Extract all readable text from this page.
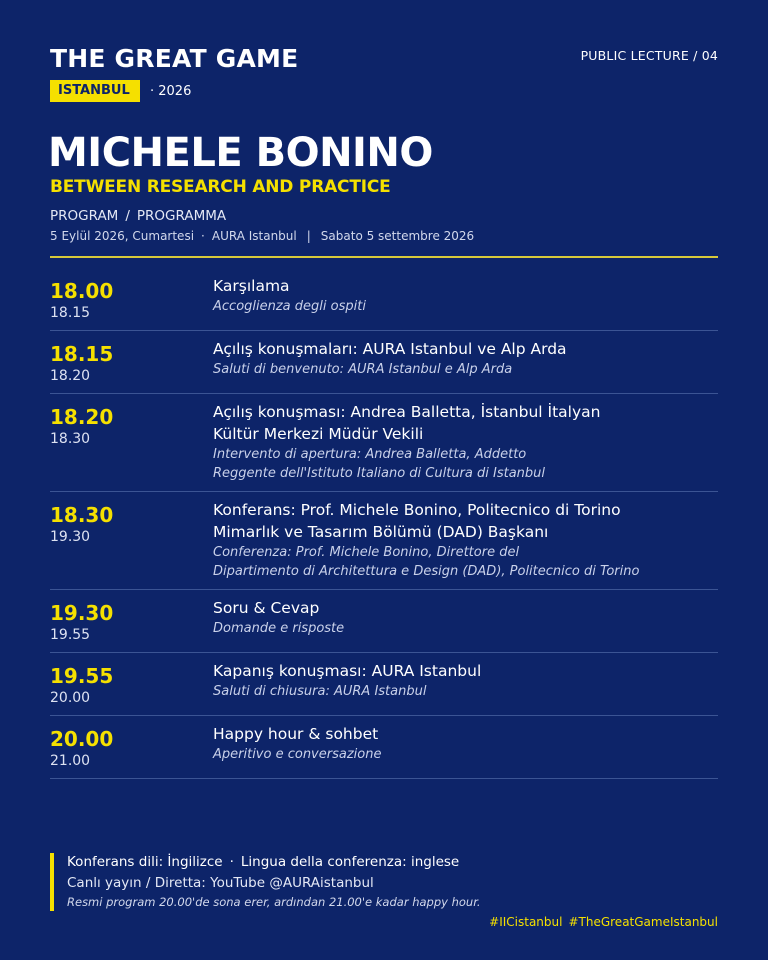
THE GREAT GAME
ISTANBUL	· 2026
PUBLIC LECTURE / 04
MICHELE BONINO
BETWEEN RESEARCH AND PRACTICE
PROGRAM / PROGRAMMA
5 Eylül 2026, Cumartesi · AURA Istanbul | Sabato 5 settembre 2026
18.00
18.15
Karşılama
Accoglienza degli ospiti
18.15
18.20
Açılış konuşmaları: AURA Istanbul ve Alp Arda
Saluti di benvenuto: AURA Istanbul e Alp Arda
18.20
18.30
Açılış konuşması: Andrea Balletta, İstanbul İtalyan
Kültür Merkezi Müdür Vekili
Intervento di apertura: Andrea Balletta, Addetto
Reggente dell'Istituto Italiano di Cultura di Istanbul
18.30
19.30
Konferans: Prof. Michele Bonino, Politecnico di Torino
Mimarlık ve Tasarım Bölümü (DAD) Başkanı
Conferenza: Prof. Michele Bonino, Direttore del
Dipartimento di Architettura e Design (DAD), Politecnico di Torino
19.30
19.55
Soru & Cevap
Domande e risposte
19.55
20.00
Kapanış konuşması: AURA Istanbul
Saluti di chiusura: AURA Istanbul
20.00
21.00
Happy hour & sohbet
Aperitivo e conversazione
Konferans dili: İngilizce · Lingua della conferenza: inglese
Canlı yayın / Diretta: YouTube @AURAistanbul
Resmi program 20.00'de sona erer, ardından 21.00'e kadar happy hour.
#IICistanbul #TheGreatGameIstanbul
